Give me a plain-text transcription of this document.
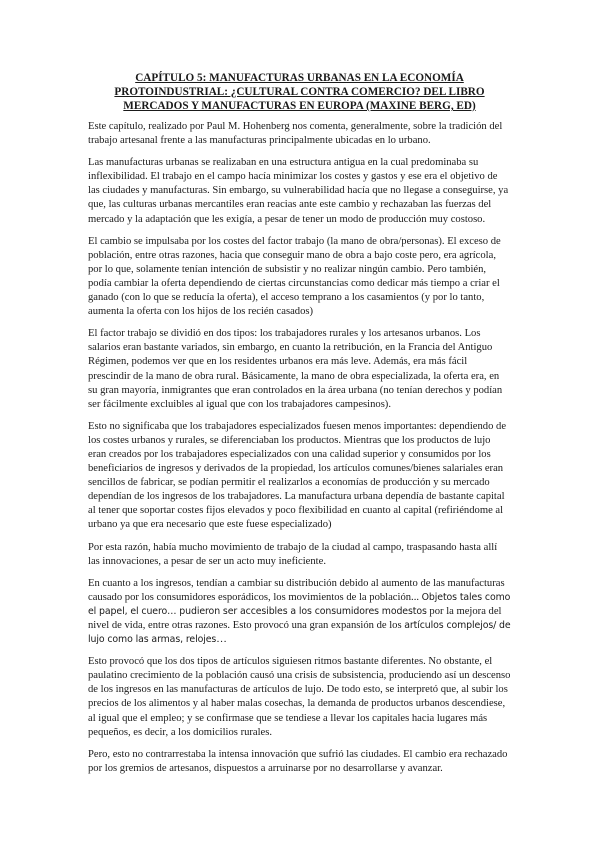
CAPÍTULO 5: MANUFACTURAS URBANAS EN LA ECONOMÍA
PROTOINDUSTRIAL: ¿CULTURAL CONTRA COMERCIO? DEL LIBRO
MERCADOS Y MANUFACTURAS EN EUROPA (MAXINE BERG, ED)

Este capítulo, realizado por Paul M. Hohenberg nos comenta, generalmente, sobre la tradición del trabajo artesanal frente a las manufacturas principalmente ubicadas en lo urbano.

Las manufacturas urbanas se realizaban en una estructura antigua en la cual predominaba su inflexibilidad. El trabajo en el campo hacía minimizar los costes y gastos y ese era el objetivo de las ciudades y manufacturas. Sin embargo, su vulnerabilidad hacía que no llegase a conseguirse, ya que, las culturas urbanas mercantiles eran reacias ante este cambio y rechazaban las fuerzas del mercado y la adaptación que les exigía, a pesar de tener un modo de producción muy costoso.

El cambio se impulsaba por los costes del factor trabajo (la mano de obra/personas). El exceso de población, entre otras razones, hacia que conseguir mano de obra a bajo coste pero, era agrícola, por lo que, solamente tenían intención de subsistir y no realizar ningún cambio. Pero también, podía cambiar la oferta dependiendo de ciertas circunstancias como dedicar más tiempo a criar el ganado (con lo que se reducía la oferta), el acceso temprano a los casamientos (y por lo tanto, aumenta la oferta con los hijos de los recién casados)

El factor trabajo se dividió en dos tipos: los trabajadores rurales y los artesanos urbanos. Los salarios eran bastante variados, sin embargo, en cuanto la retribución, en la Francia del Antiguo Régimen, podemos ver que en los residentes urbanos era más leve. Además, era más fácil prescindir de la mano de obra rural. Básicamente, la mano de obra especializada, la oferta era, en su gran mayoría, inmigrantes que eran controlados en la área urbana (no tenían derechos y podían ser fácilmente excluibles al igual que con los trabajadores campesinos).

Esto no significaba que los trabajadores especializados fuesen menos importantes: dependiendo de los costes urbanos y rurales, se diferenciaban los productos. Mientras que los productos de lujo eran creados por los trabajadores especializados con una calidad superior y consumidos por los beneficiarios de ingresos y derivados de la propiedad, los artículos comunes/bienes salariales eran sencillos de fabricar, se podían permitir el realizarlos a economías de producción y su mercado dependían de los ingresos de los trabajadores. La manufactura urbana dependía de bastante capital al tener que soportar costes fijos elevados y poco flexibilidad en cuanto al capital (refiriéndome al urbano ya que era necesario que este fuese especializado)

Por esta razón, había mucho movimiento de trabajo de la ciudad al campo, traspasando hasta allí las innovaciones, a pesar de ser un acto muy ineficiente.

En cuanto a los ingresos, tendían a cambiar su distribución debido al aumento de las manufacturas causado por los consumidores esporádicos, los movimientos de la población... Objetos tales como el papel, el cuero… pudieron ser accesibles a los consumidores modestos por la mejora del nivel de vida, entre otras razones. Esto provocó una gran expansión de los artículos complejos/ de lujo como las armas, relojes…

Esto provocó que los dos tipos de artículos siguiesen ritmos bastante diferentes. No obstante, el paulatino crecimiento de la población causó una crisis de subsistencia, produciendo así un descenso de los ingresos en las manufacturas de artículos de lujo. De todo esto, se interpretó que, al subir los precios de los alimentos y al haber malas cosechas, la demanda de productos urbanos descendiese, al igual que el empleo; y se confirmase que se tendiese a llevar los capitales hacia lugares más pequeños, es decir, a los domicilios rurales.

Pero, esto no contrarrestaba la intensa innovación que sufrió las ciudades. El cambio era rechazado por los gremios de artesanos, dispuestos a arruinarse por no desarrollarse y avanzar.
